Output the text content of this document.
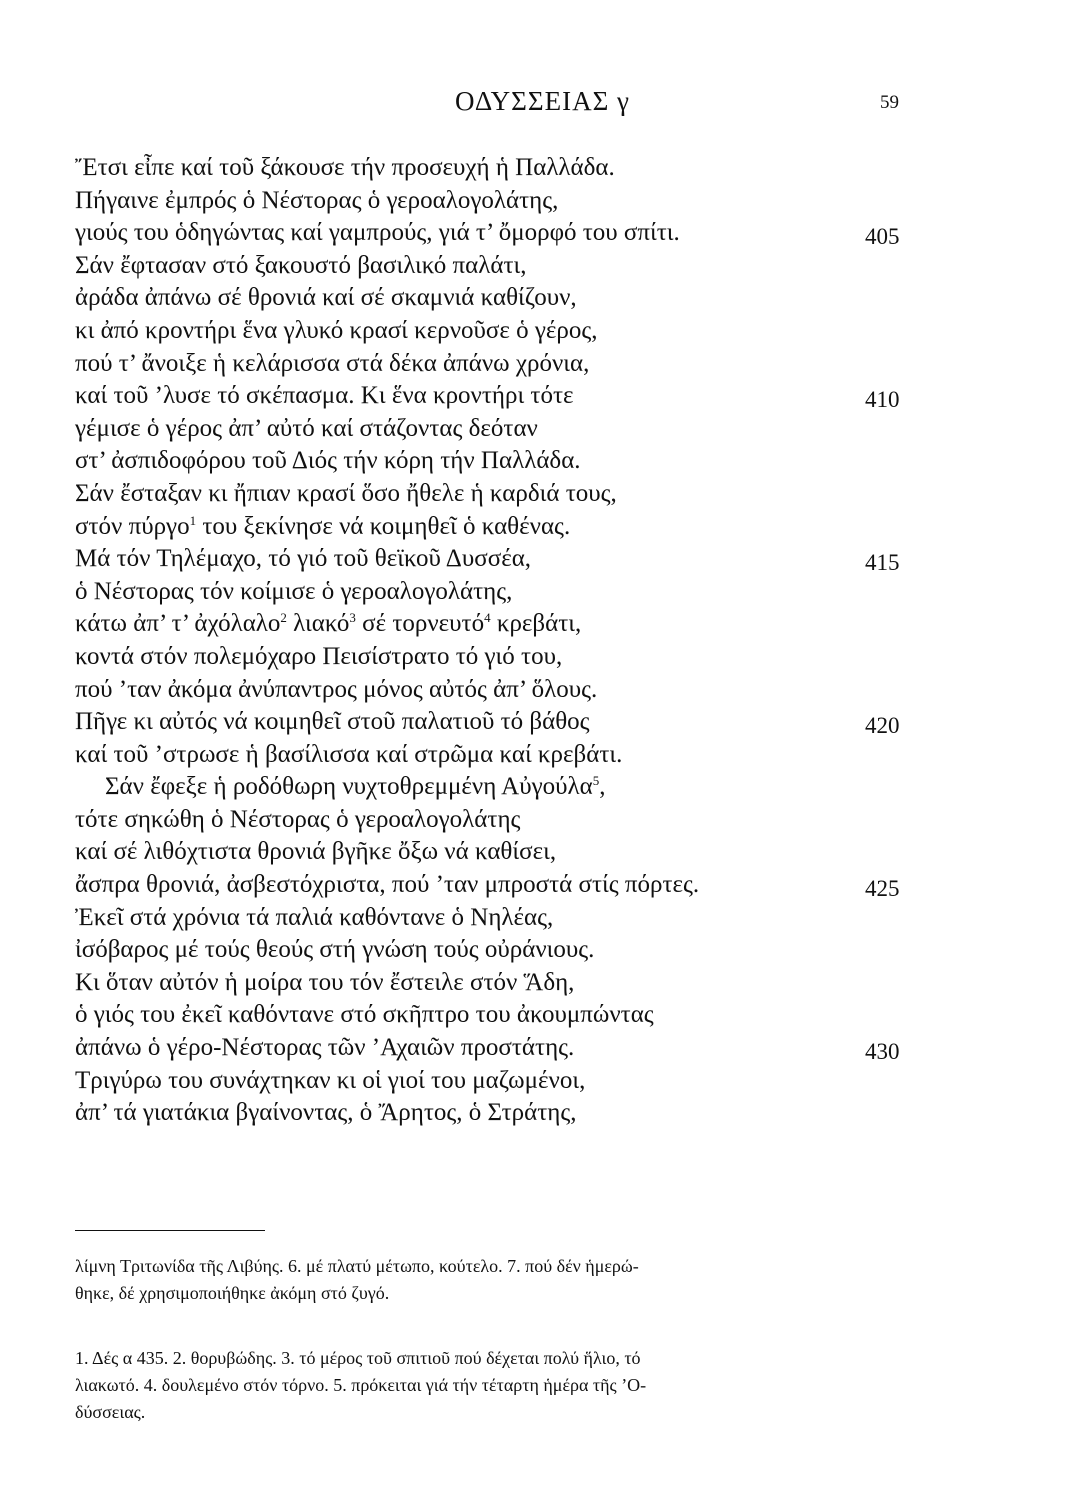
ΟΔΥΣΣΕΙΑΣ γ	59
Ἔτσι εἶπε καί τοῦ ξάκουσε τήν προσευχή ἡ Παλλάδα.
Πήγαινε ἐμπρός ὁ Νέστορας ὁ γεροαλογολάτης,
γιούς του ὁδηγώντας καί γαμπρούς, γιά τ’ ὄμορφό του σπίτι.	405
Σάν ἔφτασαν στό ξακουστό βασιλικό παλάτι,
ἀράδα ἀπάνω σέ θρονιά καί σέ σκαμνιά καθίζουν,
κι ἀπό κροντήρι ἕνα γλυκό κρασί κερνοῦσε ὁ γέρος,
πού τ’ ἄνοιξε ἡ κελάρισσα στά δέκα ἀπάνω χρόνια,
καί τοῦ ’λυσε τό σκέπασμα. Κι ἕνα κροντήρι τότε	410
γέμισε ὁ γέρος ἀπ’ αὐτό καί στάζοντας δεόταν
στ’ ἀσπιδοφόρου τοῦ Διός τήν κόρη τήν Παλλάδα.
Σάν ἔσταξαν κι ἤπιαν κρασί ὅσο ἤθελε ἡ καρδιά τους,
στόν πύργο$^1$ του ξεκίνησε νά κοιμηθεῖ ὁ καθένας.
Μά τόν Τηλέμαχο, τό γιό τοῦ θεϊκοῦ Δυσσέα,	415
ὁ Νέστορας τόν κοίμισε ὁ γεροαλογολάτης,
κάτω ἀπ’ τ’ ἀχόλαλο$^2$ λιακό$^3$ σέ τορνευτό$^4$ κρεβάτι,
κοντά στόν πολεμόχαρο Πεισίστρατο τό γιό του,
πού ’ταν ἀκόμα ἀνύπαντρος μόνος αὐτός ἀπ’ ὅλους.
Πῆγε κι αὐτός νά κοιμηθεῖ στοῦ παλατιοῦ τό βάθος	420
καί τοῦ ’στρωσε ἡ βασίλισσα καί στρῶμα καί κρεβάτι.
Σάν ἔφεξε ἡ ροδόθωρη νυχτοθρεμμένη Αὐγούλα$^5$,
τότε σηκώθη ὁ Νέστορας ὁ γεροαλογολάτης
καί σέ λιθόχτιστα θρονιά βγῆκε ὄξω νά καθίσει,
ἄσπρα θρονιά, ἀσβεστόχριστα, πού ’ταν μπροστά στίς πόρτες.	425
Ἐκεῖ στά χρόνια τά παλιά καθόντανε ὁ Νηλέας,
ἰσόβαρος μέ τούς θεούς στή γνώση τούς οὐράνιους.
Κι ὅταν αὐτόν ἡ μοίρα του τόν ἔστειλε στόν Ἅδη,
ὁ γιός του ἐκεῖ καθόντανε στό σκῆπτρο του ἀκουμπώντας
ἀπάνω ὁ γέρο-Νέστορας τῶν ’Αχαιῶν προστάτης.	430
Τριγύρω του συνάχτηκαν κι οἱ γιοί του μαζωμένοι,
ἀπ’ τά γιατάκια βγαίνοντας, ὁ Ἄρητος, ὁ Στράτης,
λίμνη Τριτωνίδα τῆς Λιβύης. 6. μέ πλατύ μέτωπο, κούτελο. 7. πού δέν ἡμερώ-
θηκε, δέ χρησιμοποιήθηκε ἀκόμη στό ζυγό.
1. Δές α 435. 2. θορυβώδης. 3. τό μέρος τοῦ σπιτιοῦ πού δέχεται πολύ ἥλιο, τό
λιακωτό. 4. δουλεμένο στόν τόρνο. 5. πρόκειται γιά τήν τέταρτη ἡμέρα τῆς ’Ο-
δύσσειας.
